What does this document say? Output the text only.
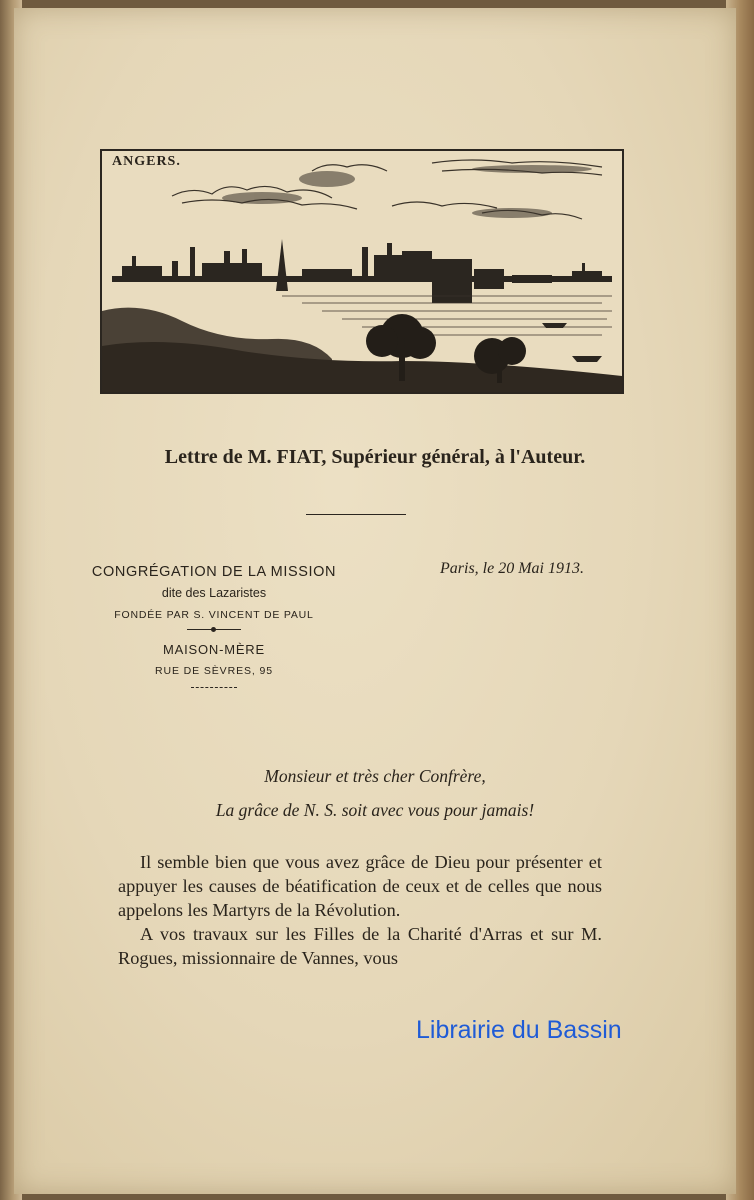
ANGERS.
Lettre de M. FIAT, Supérieur général, à l'Auteur.
CONGRÉGATION DE LA MISSION
dite des Lazaristes
FONDÉE PAR S. VINCENT DE PAUL
MAISON-MÈRE
RUE DE SÈVRES, 95
Paris, le 20 Mai 1913.
Monsieur et très cher Confrère,
La grâce de N. S. soit avec vous pour jamais!

Il semble bien que vous avez grâce de Dieu pour présenter et appuyer les causes de béatification de ceux et de celles que nous appelons les Martyrs de la Révolution.

A vos travaux sur les Filles de la Charité d'Arras et sur M. Rogues, missionnaire de Vannes, vous

Librairie du Bassin
